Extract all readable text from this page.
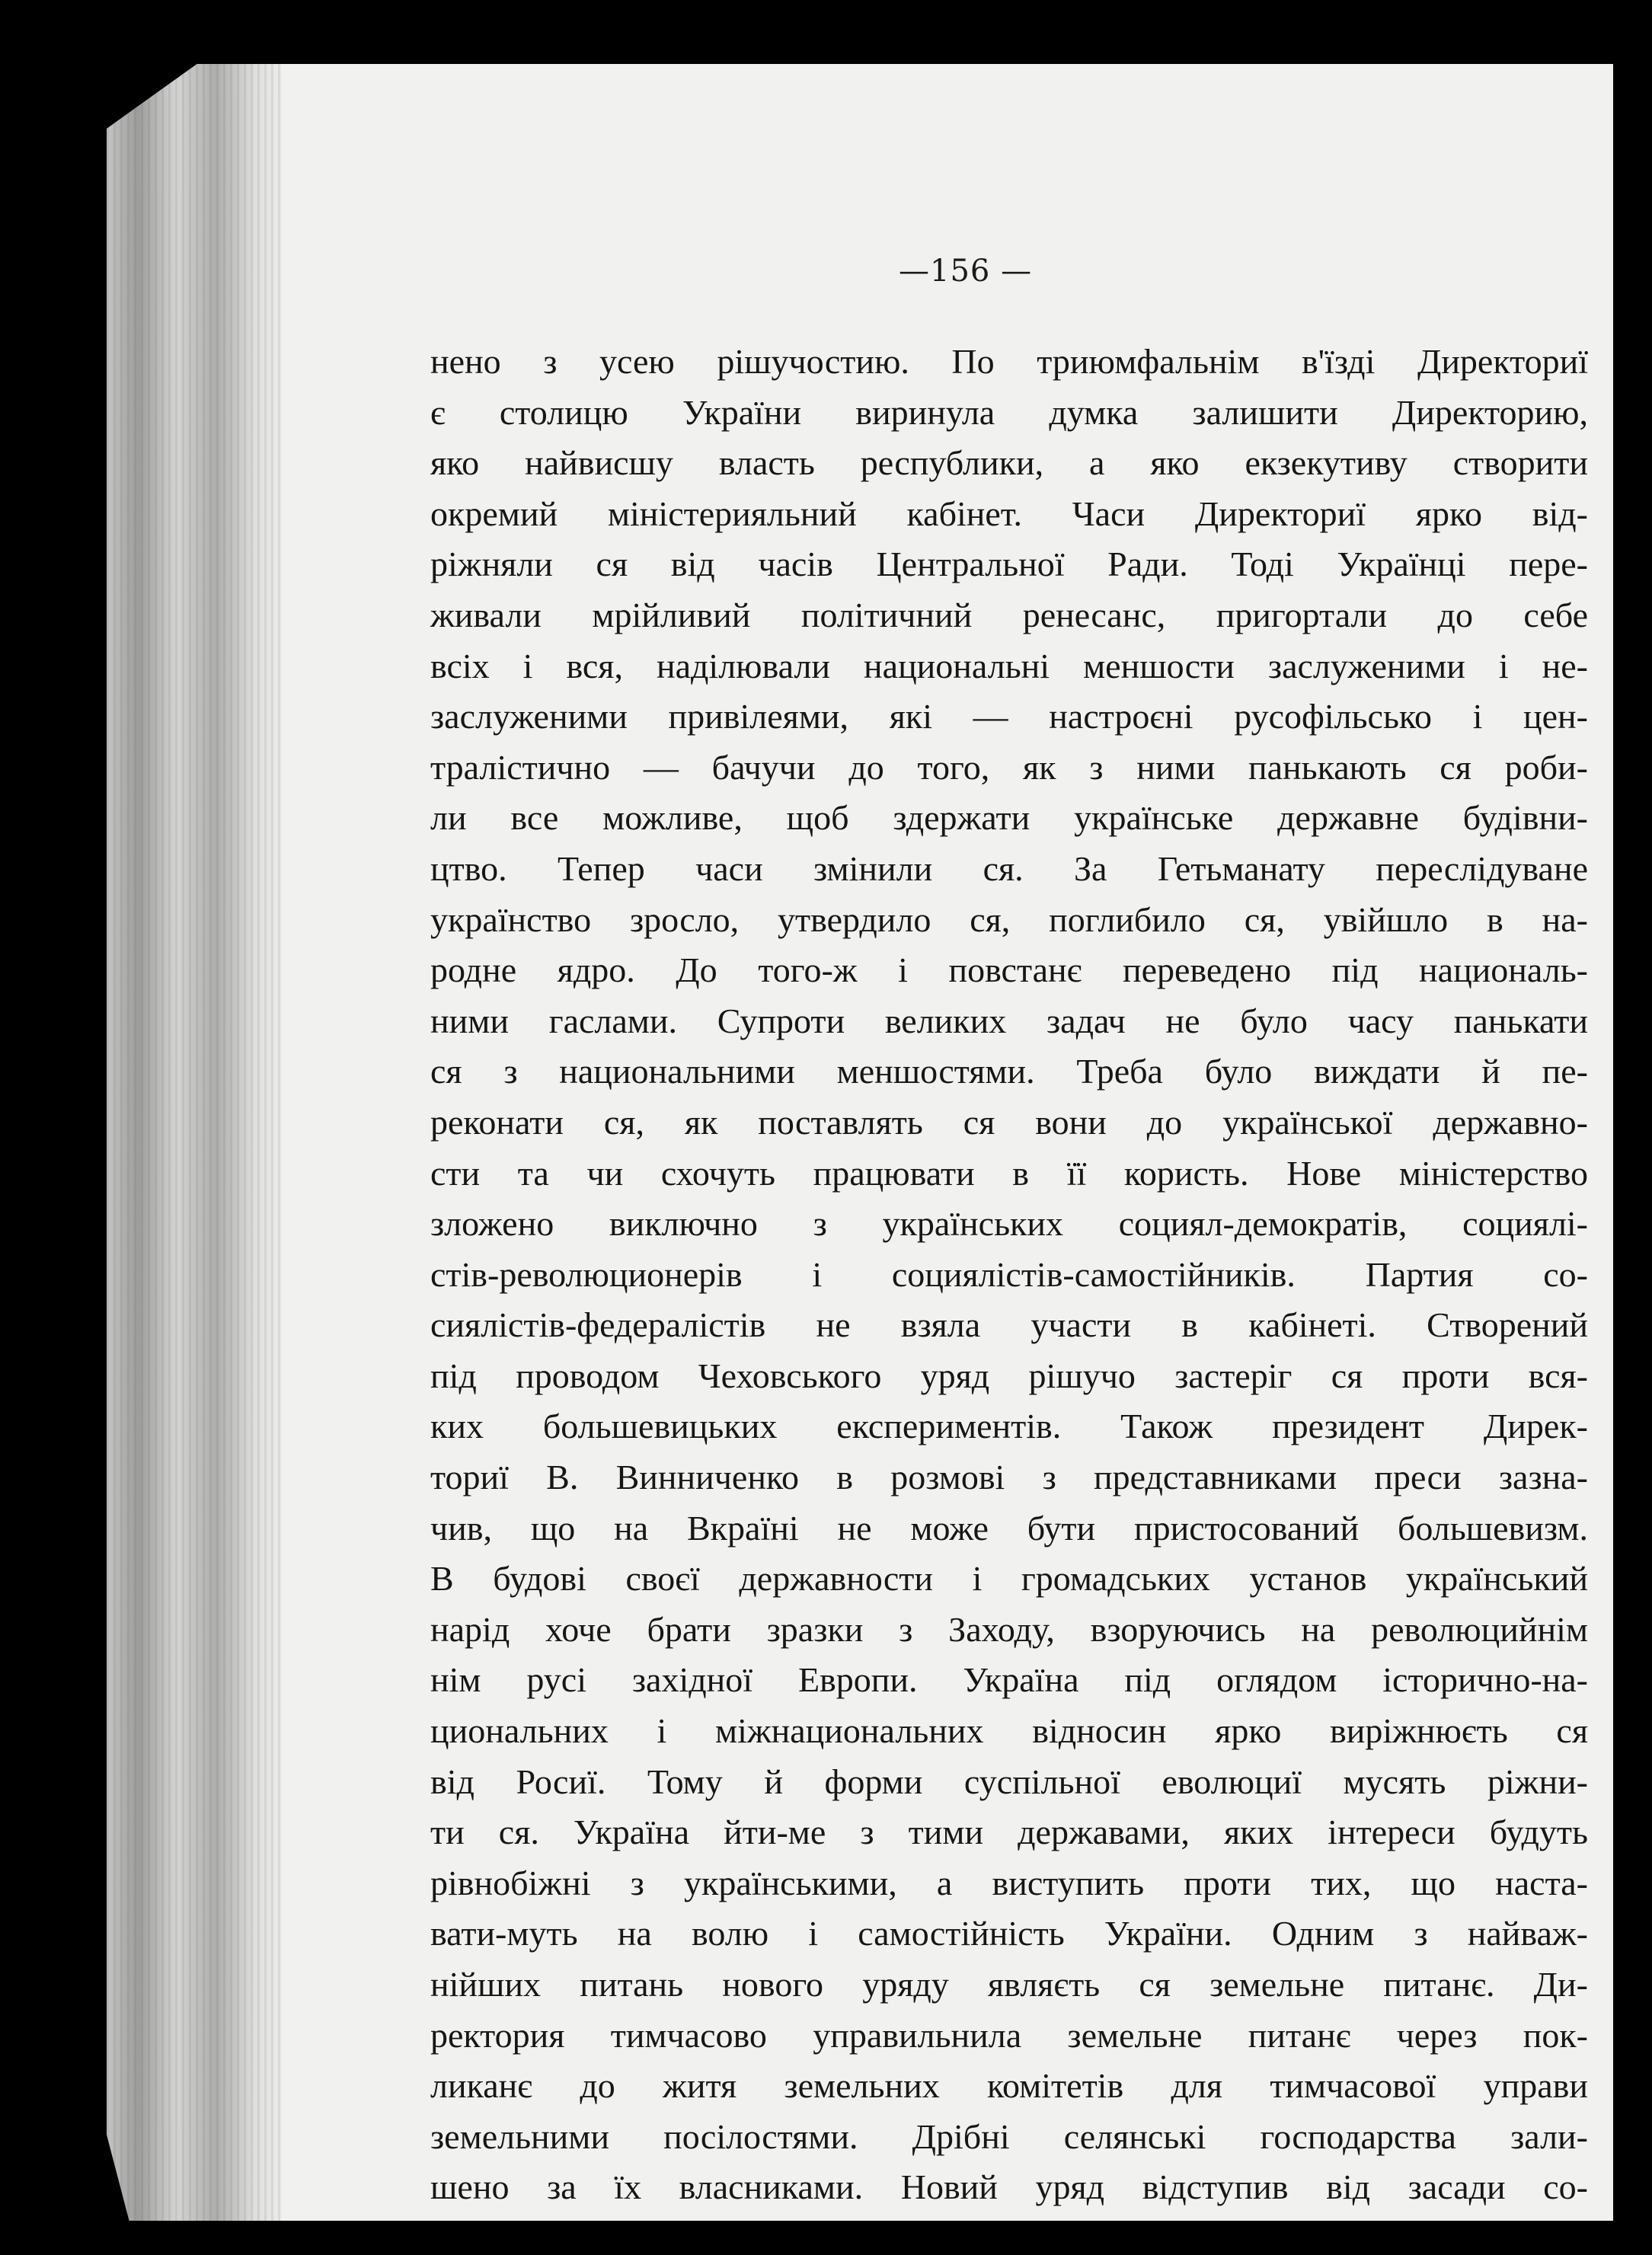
—156 —
нено з усею рішучостию. По триюмфальнім в'їзді Директориї
є столицю України виринула думка залишити Директорию,
яко найвисшу власть республики, а яко екзекутиву створити
окремий міністерияльний кабінет. Часи Директориї ярко від-
ріжняли ся від часів Центральної Ради. Тоді Українці пере-
живали мрійливий політичний ренесанс, пригортали до себе
всіх і вся, наділювали национальні меншости заслуженими і не-
заслуженими привілеями, які — настроєні русофільсько і цен-
тралістично — бачучи до того, як з ними панькають ся роби-
ли все можливе, щоб здержати українське державне будівни-
цтво. Тепер часи змінили ся. За Гетьманату переслідуване
українство зросло, утвердило ся, поглибило ся, увійшло в на-
родне ядро. До того-ж і повстанє переведено під националь-
ними гаслами. Супроти великих задач не було часу панькати
ся з национальними меншостями. Треба було виждати й пе-
реконати ся, як поставлять ся вони до української державно-
сти та чи схочуть працювати в її користь. Нове міністерство
зложено виключно з українських социял-демократів, социялі-
стів-революционерів і социялістів-самостійників. Партия со-
сиялістів-федералістів не взяла участи в кабінеті. Створений
під проводом Чеховського уряд рішучо застеріг ся проти вся-
ких большевицьких експериментів. Також президент Дирек-
ториї В. Винниченко в розмові з представниками преси зазна-
чив, що на Вкраїні не може бути пристосований большевизм.
В будові своєї державности і громадських установ український
нарід хоче брати зразки з Заходу, взоруючись на революцийнім
нім русі західної Европи. Україна під оглядом історично-на-
циональних і міжнациональних відносин ярко виріжнюєть ся
від Росиї. Тому й форми суспільної еволюциї мусять ріжни-
ти ся. Україна йти-ме з тими державами, яких інтереси будуть
рівнобіжні з українськими, а виступить проти тих, що наста-
вати-муть на волю і самостійність України. Одним з найваж-
нійших питань нового уряду являєть ся земельне питанє. Ди-
ректория тимчасово управильнила земельне питанє через пок-
ликанє до житя земельних комітетів для тимчасової управи
земельними посілостями. Дрібні селянські господарства зали-
шено за їх власниками. Новий уряд відступив від засади со-
